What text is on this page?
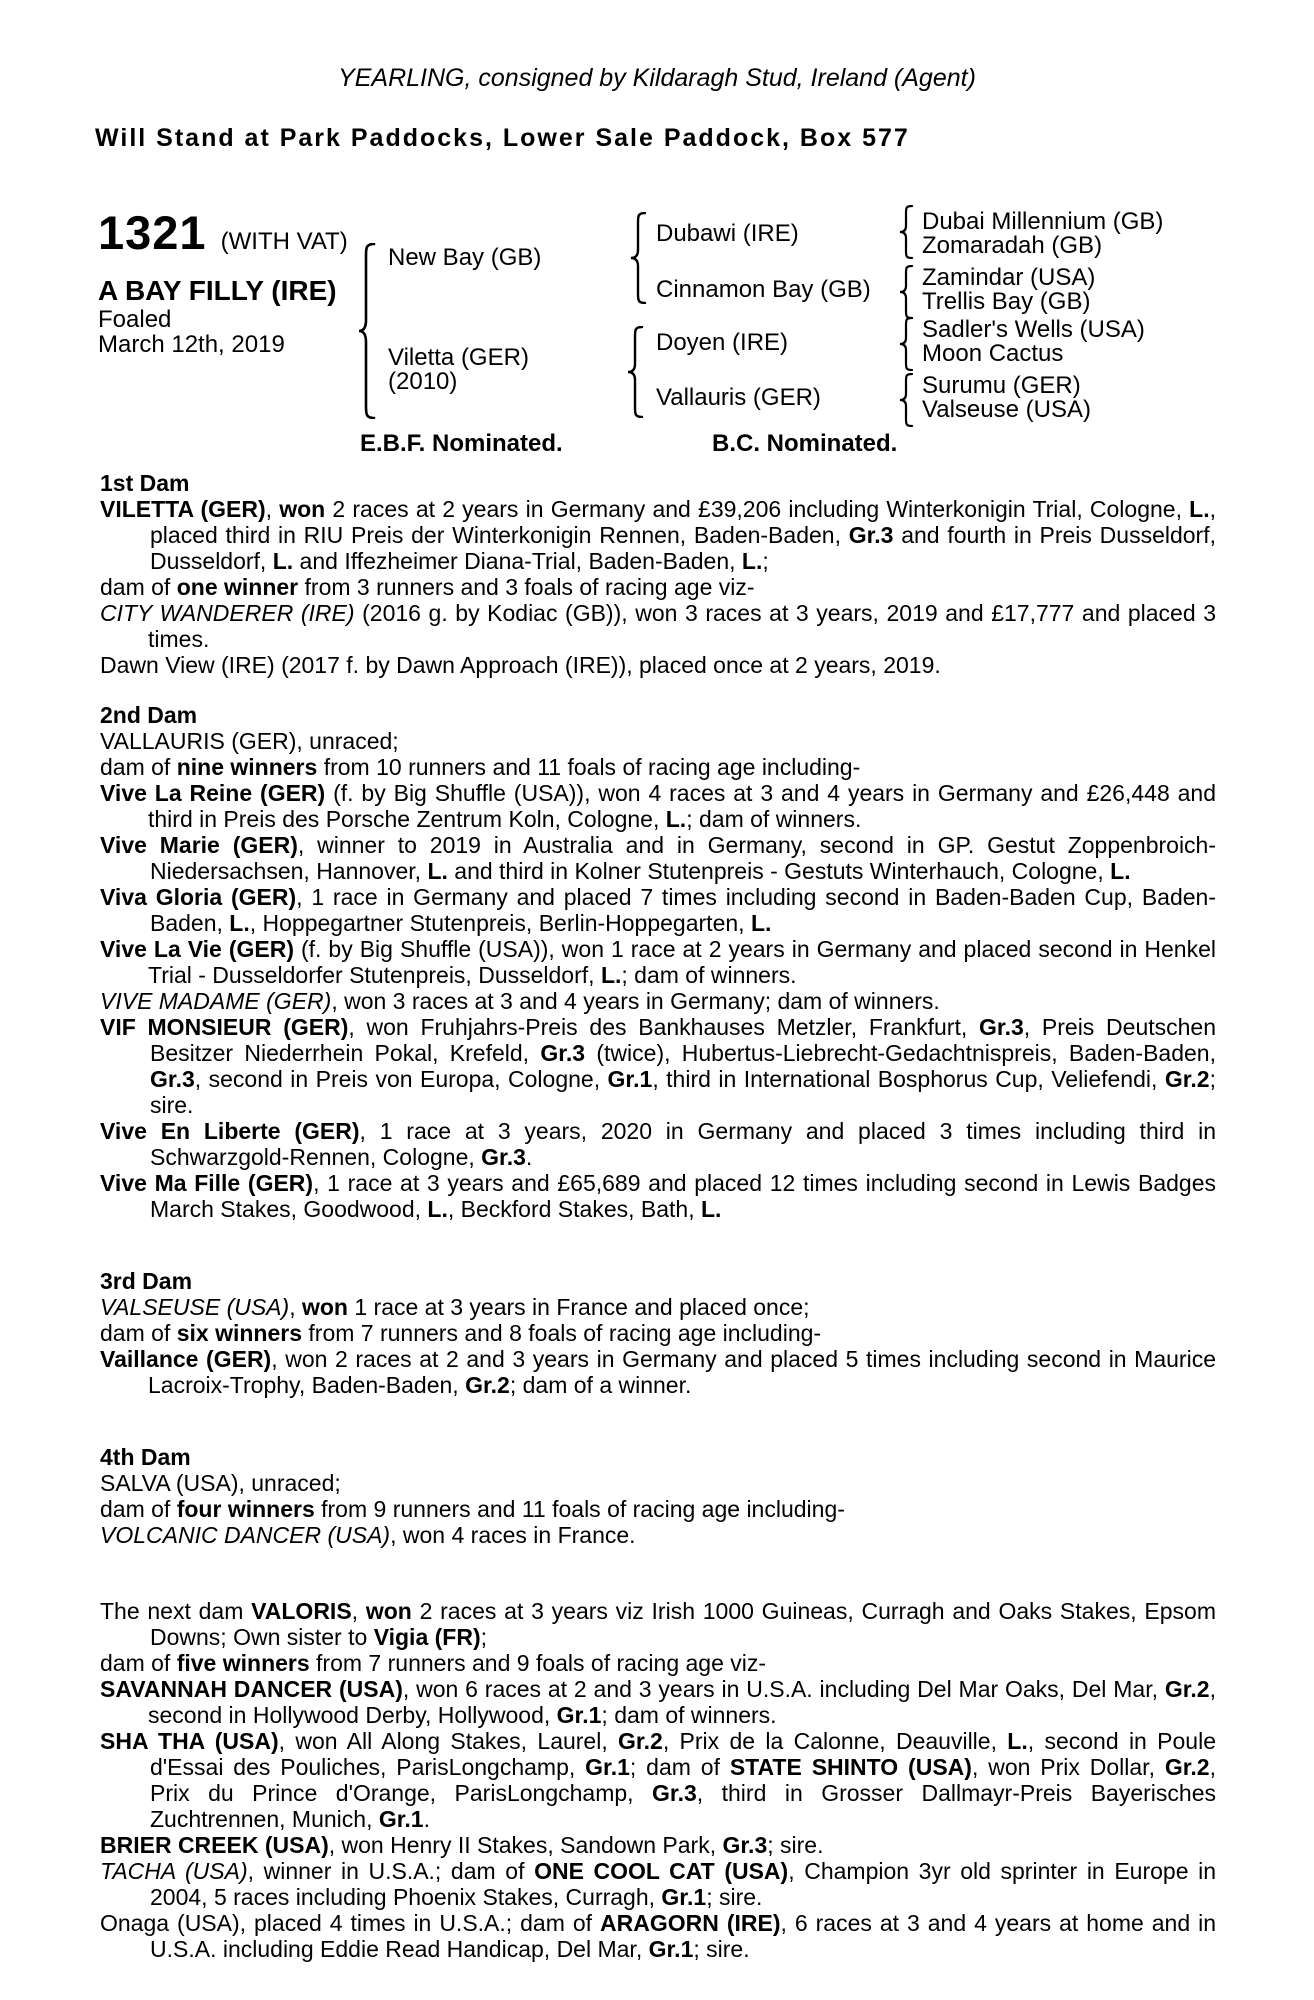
YEARLING, consigned by Kildaragh Stud, Ireland (Agent)
Will Stand at Park Paddocks, Lower Sale Paddock, Box 577
1321 (WITH VAT)
A BAY FILLY (IRE)
Foaled
March 12th, 2019
New Bay (GB)
Viletta (GER)
(2010)
Dubawi (IRE)
Cinnamon Bay (GB)
Doyen (IRE)
Vallauris (GER)
Dubai Millennium (GB)
Zomaradah (GB)
Zamindar (USA)
Trellis Bay (GB)
Sadler's Wells (USA)
Moon Cactus
Surumu (GER)
Valseuse (USA)
E.B.F. Nominated.	B.C. Nominated.
1st Dam

VILETTA (GER), won 2 races at 2 years in Germany and £39,206 including Winterkonigin Trial, Cologne, L., placed third in RIU Preis der Winterkonigin Rennen, Baden-Baden, Gr.3 and fourth in Preis Dusseldorf, Dusseldorf, L. and Iffezheimer Diana-Trial, Baden-Baden, L.;

dam of one winner from 3 runners and 3 foals of racing age viz-

CITY WANDERER (IRE) (2016 g. by Kodiac (GB)), won 3 races at 3 years, 2019 and £17,777 and placed 3 times.

Dawn View (IRE) (2017 f. by Dawn Approach (IRE)), placed once at 2 years, 2019.

2nd Dam

VALLAURIS (GER), unraced;

dam of nine winners from 10 runners and 11 foals of racing age including-

Vive La Reine (GER) (f. by Big Shuffle (USA)), won 4 races at 3 and 4 years in Germany and £26,448 and third in Preis des Porsche Zentrum Koln, Cologne, L.; dam of winners.

Vive Marie (GER), winner to 2019 in Australia and in Germany, second in GP. Gestut Zoppenbroich-Niedersachsen, Hannover, L. and third in Kolner Stutenpreis - Gestuts Winterhauch, Cologne, L.

Viva Gloria (GER), 1 race in Germany and placed 7 times including second in Baden-Baden Cup, Baden-Baden, L., Hoppegartner Stutenpreis, Berlin-Hoppegarten, L.

Vive La Vie (GER) (f. by Big Shuffle (USA)), won 1 race at 2 years in Germany and placed second in Henkel Trial - Dusseldorfer Stutenpreis, Dusseldorf, L.; dam of winners.

VIVE MADAME (GER), won 3 races at 3 and 4 years in Germany; dam of winners.

VIF MONSIEUR (GER), won Fruhjahrs-Preis des Bankhauses Metzler, Frankfurt, Gr.3, Preis Deutschen Besitzer Niederrhein Pokal, Krefeld, Gr.3 (twice), Hubertus-Liebrecht-Gedachtnispreis, Baden-Baden, Gr.3, second in Preis von Europa, Cologne, Gr.1, third in International Bosphorus Cup, Veliefendi, Gr.2; sire.

Vive En Liberte (GER), 1 race at 3 years, 2020 in Germany and placed 3 times including third in Schwarzgold-Rennen, Cologne, Gr.3.

Vive Ma Fille (GER), 1 race at 3 years and £65,689 and placed 12 times including second in Lewis Badges March Stakes, Goodwood, L., Beckford Stakes, Bath, L.

3rd Dam

VALSEUSE (USA), won 1 race at 3 years in France and placed once;

dam of six winners from 7 runners and 8 foals of racing age including-

Vaillance (GER), won 2 races at 2 and 3 years in Germany and placed 5 times including second in Maurice Lacroix-Trophy, Baden-Baden, Gr.2; dam of a winner.

4th Dam

SALVA (USA), unraced;

dam of four winners from 9 runners and 11 foals of racing age including-

VOLCANIC DANCER (USA), won 4 races in France.

The next dam VALORIS, won 2 races at 3 years viz Irish 1000 Guineas, Curragh and Oaks Stakes, Epsom Downs; Own sister to Vigia (FR);

dam of five winners from 7 runners and 9 foals of racing age viz-

SAVANNAH DANCER (USA), won 6 races at 2 and 3 years in U.S.A. including Del Mar Oaks, Del Mar, Gr.2, second in Hollywood Derby, Hollywood, Gr.1; dam of winners.

SHA THA (USA), won All Along Stakes, Laurel, Gr.2, Prix de la Calonne, Deauville, L., second in Poule d'Essai des Pouliches, ParisLongchamp, Gr.1; dam of STATE SHINTO (USA), won Prix Dollar, Gr.2, Prix du Prince d'Orange, ParisLongchamp, Gr.3, third in Grosser Dallmayr-Preis Bayerisches Zuchtrennen, Munich, Gr.1.

BRIER CREEK (USA), won Henry II Stakes, Sandown Park, Gr.3; sire.

TACHA (USA), winner in U.S.A.; dam of ONE COOL CAT (USA), Champion 3yr old sprinter in Europe in 2004, 5 races including Phoenix Stakes, Curragh, Gr.1; sire.

Onaga (USA), placed 4 times in U.S.A.; dam of ARAGORN (IRE), 6 races at 3 and 4 years at home and in U.S.A. including Eddie Read Handicap, Del Mar, Gr.1; sire.
